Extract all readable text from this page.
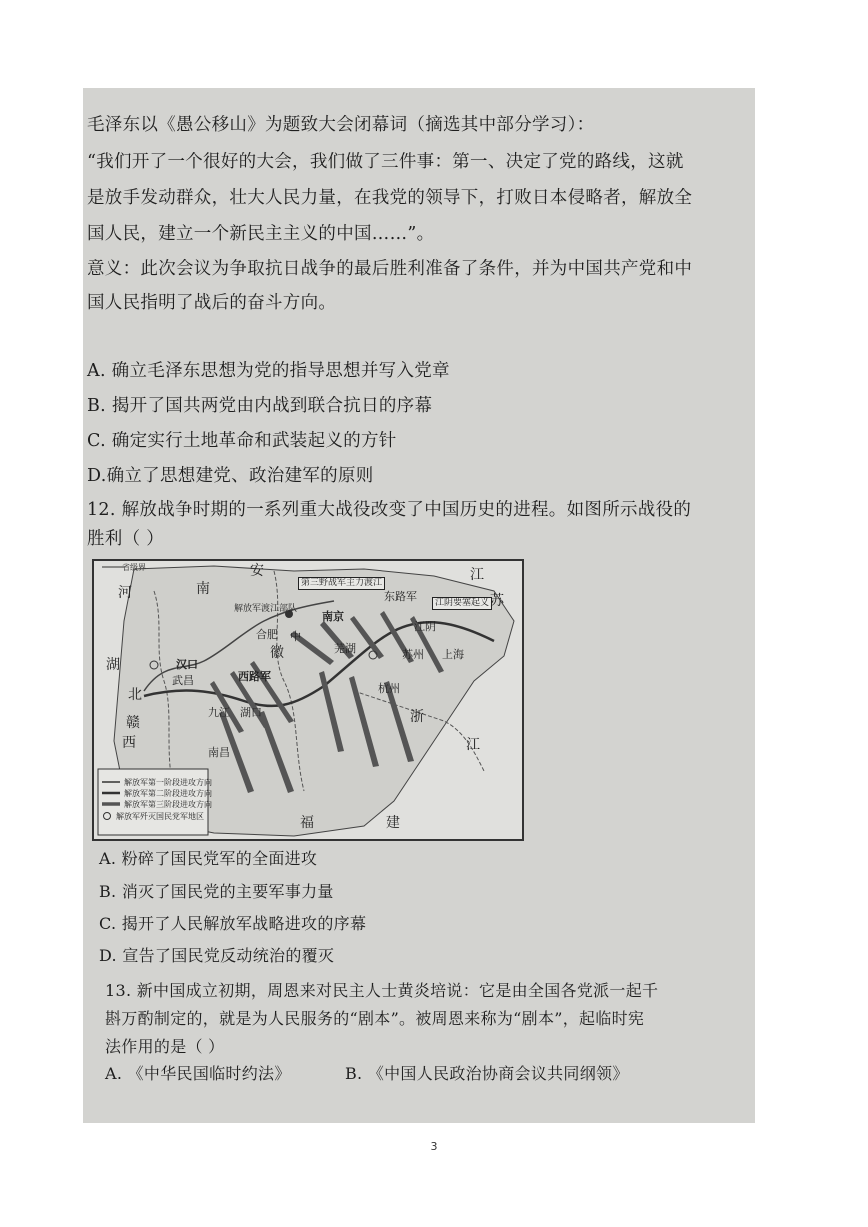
毛泽东以《愚公移山》为题致大会闭幕词（摘选其中部分学习）：
“我们开了一个很好的大会，我们做了三件事：第一、决定了党的路线，这就
是放手发动群众，壮大人民力量，在我党的领导下，打败日本侵略者，解放全
国人民，建立一个新民主主义的中国……”。
意义：此次会议为争取抗日战争的最后胜利准备了条件，并为中国共产党和中
国人民指明了战后的奋斗方向。
A. 确立毛泽东思想为党的指导思想并写入党章
B. 揭开了国共两党由内战到联合抗日的序幕
C. 确定实行土地革命和武装起义的方针
D.确立了思想建党、政治建军的原则
12. 解放战争时期的一系列重大战役改变了中国历史的进程。如图所示战役的
胜利（ ）
省级界
第三野战军主力渡江
江阴要塞起义
东路军
南京
江阴
合肥 中
芜湖	苏州 上海
汉口
武昌	西路军
杭州
九江 湖口
南昌
安	江
苏
河	南
湖
北
徽
浙
江
福	建
西
赣
解放军渡江部队
解放军第一阶段进攻方向
解放军第二阶段进攻方向
解放军第三阶段进攻方向
解放军歼灭国民党军地区
A. 粉碎了国民党军的全面进攻
B. 消灭了国民党的主要军事力量
C. 揭开了人民解放军战略进攻的序幕
D. 宣告了国民党反动统治的覆灭
13. 新中国成立初期，周恩来对民主人士黄炎培说：它是由全国各党派一起千
斟万酌制定的，就是为人民服务的“剧本”。被周恩来称为“剧本”，起临时宪
法作用的是（ ）
A. 《中华民国临时约法》	B. 《中国人民政治协商会议共同纲领》
3
